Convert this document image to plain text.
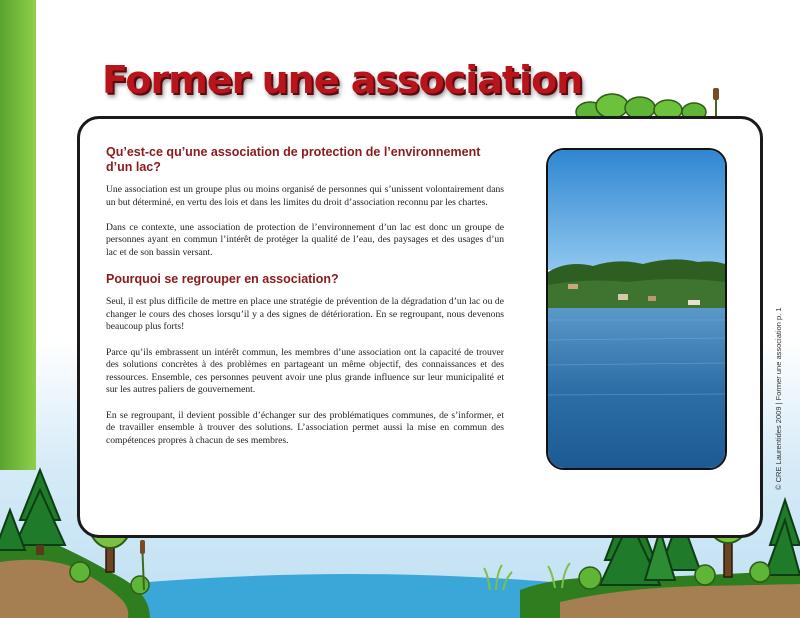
Former une association
Qu’est-ce qu’une association de protection de l’environnement d’un lac?

Une association est un groupe plus ou moins organisé de personnes qui s’unissent volontairement dans un but déterminé, en vertu des lois et dans les limites du droit d’association reconnu par les chartes.

Dans ce contexte, une association de protection de l’environnement d’un lac est donc un groupe de personnes ayant en commun l’intérêt de protéger la qualité de l’eau, des paysages et des usages d’un lac et de son bassin versant.

Pourquoi se regrouper en association?

Seul, il est plus difficile de mettre en place une stratégie de prévention de la dégradation d’un lac ou de changer le cours des choses lorsqu’il y a des signes de détérioration. En se regroupant, nous devenons beaucoup plus forts!

Parce qu’ils embrassent un intérêt commun, les membres d’une association ont la capacité de trouver des solutions concrètes à des problèmes en partageant un même objectif, des connaissances et des ressources. Ensemble, ces personnes peuvent avoir une plus grande influence sur leur municipalité et sur les autres paliers de gouvernement.

En se regroupant, il devient possible d’échanger sur des problématiques communes, de s’informer, et de travailler ensemble à trouver des solutions. L’association permet aussi la mise en commun des compétences propres à chacun de ses membres.	© CRE Laurentides 2009 | Former une association p. 1
